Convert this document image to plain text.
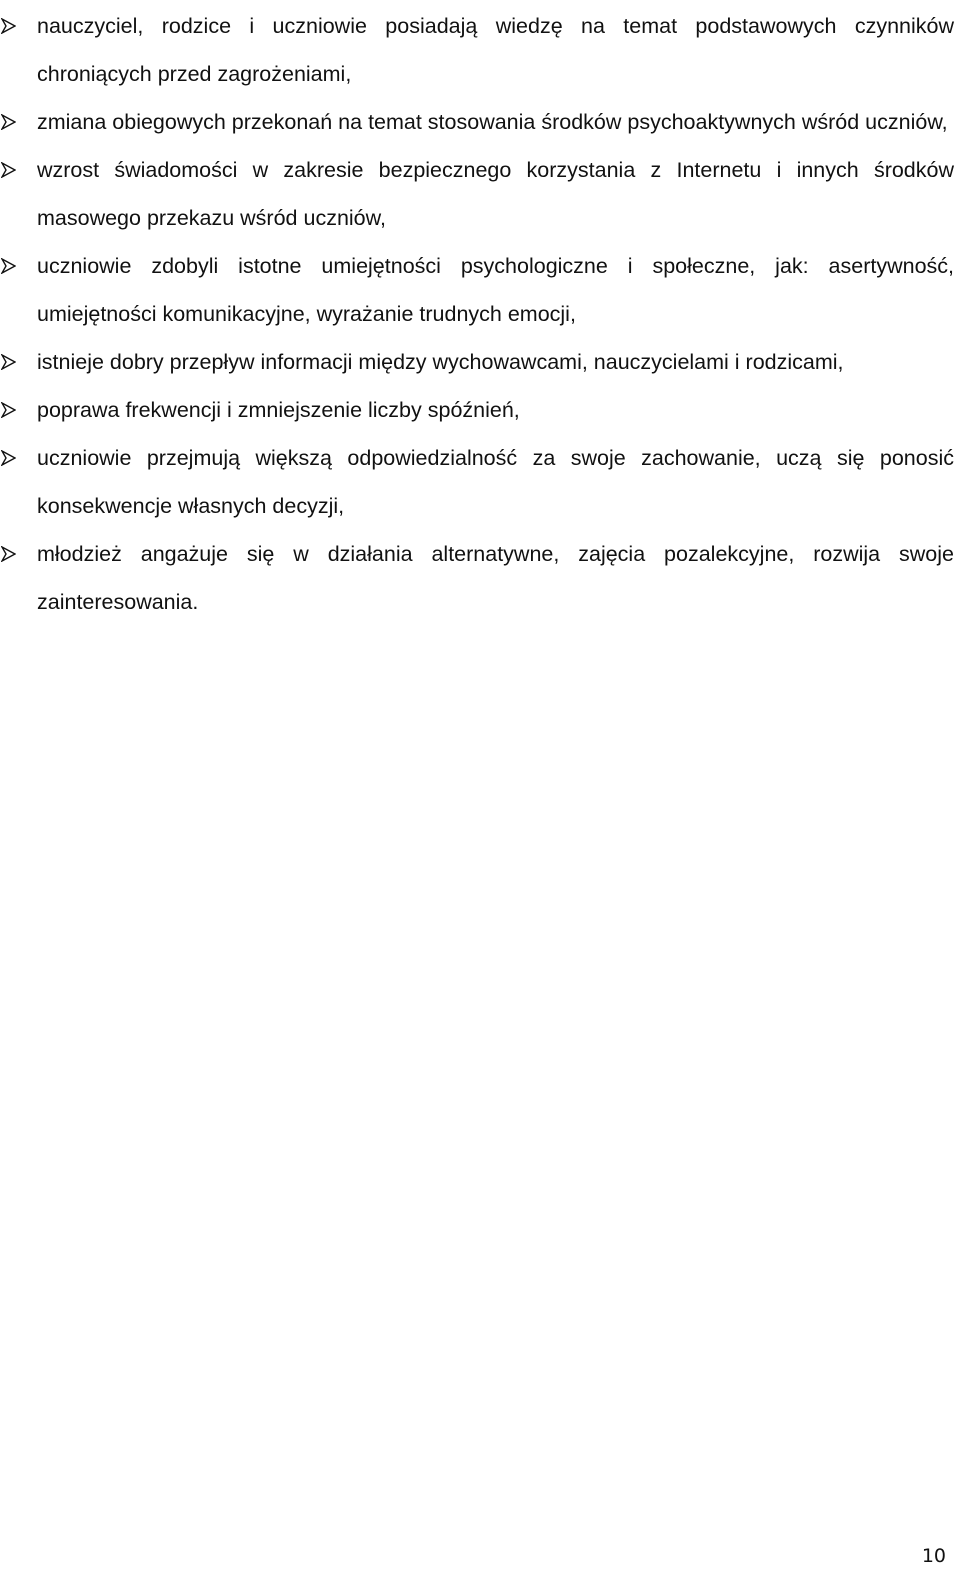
nauczyciel, rodzice i uczniowie posiadają wiedzę na temat podstawowych czynników chroniących przed zagrożeniami,
zmiana obiegowych przekonań na temat stosowania środków psychoaktywnych wśród uczniów,
wzrost świadomości w zakresie bezpiecznego korzystania z Internetu i innych środków masowego przekazu wśród uczniów,
uczniowie zdobyli istotne umiejętności psychologiczne i społeczne, jak: asertywność, umiejętności komunikacyjne, wyrażanie trudnych emocji,
istnieje dobry przepływ informacji między wychowawcami, nauczycielami i rodzicami,
poprawa frekwencji i zmniejszenie liczby spóźnień,
uczniowie przejmują większą odpowiedzialność za swoje zachowanie, uczą się ponosić konsekwencje własnych decyzji,
młodzież angażuje się w działania alternatywne, zajęcia pozalekcyjne, rozwija swoje zainteresowania.
10
